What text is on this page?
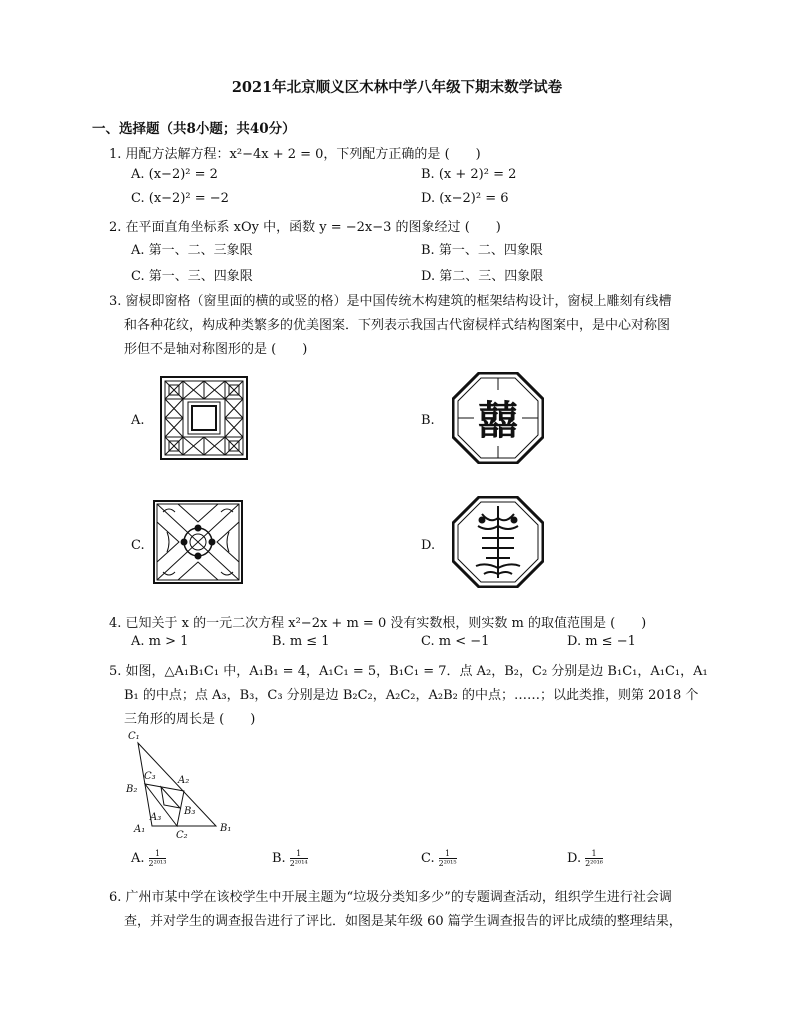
2021年北京顺义区木林中学八年级下期末数学试卷
一、选择题（共8小题；共40分）
1. 用配方法解方程：x²−4x + 2 = 0，下列配方正确的是 (　　)
A. (x−2)² = 2	B. (x + 2)² = 2
C. (x−2)² = −2	D. (x−2)² = 6
2. 在平面直角坐标系 xOy 中，函数 y = −2x−3 的图象经过 (　　)
A. 第一、二、三象限	B. 第一、二、四象限
C. 第一、三、四象限	D. 第二、三、四象限
3. 窗棂即窗格（窗里面的横的或竖的格）是中国传统木构建筑的框架结构设计，窗棂上雕刻有线槽
和各种花纹，构成种类繁多的优美图案．下列表示我国古代窗棂样式结构图案中，是中心对称图
形但不是轴对称图形的是 (　　)
A.	B.
C.	D.
囍
4. 已知关于 x 的一元二次方程 x²−2x + m = 0 没有实数根，则实数 m 的取值范围是 (　　)
A. m > 1	B. m ≤ 1	C. m < −1	D. m ≤ −1
5. 如图，△A₁B₁C₁ 中，A₁B₁ = 4，A₁C₁ = 5，B₁C₁ = 7．点 A₂，B₂，C₂ 分别是边 B₁C₁，A₁C₁，A₁
B₁ 的中点；点 A₃，B₃，C₃ 分别是边 B₂C₂，A₂C₂，A₂B₂ 的中点；……；以此类推，则第 2018 个
三角形的周长是 (　　)
C₁
C₃ A₂
B₂
B₃
A₃
A₁
C₂
B₁
A. $\frac{1}{\text{2²⁰¹³}}$	B. $\frac{1}{\text{2²⁰¹⁴}}$	C. $\frac{1}{\text{2²⁰¹⁵}}$	D. $\frac{1}{\text{2²⁰¹⁶}}$
6. 广州市某中学在该校学生中开展主题为“垃圾分类知多少”的专题调查活动，组织学生进行社会调
查，并对学生的调查报告进行了评比．如图是某年级 60 篇学生调查报告的评比成绩的整理结果，
